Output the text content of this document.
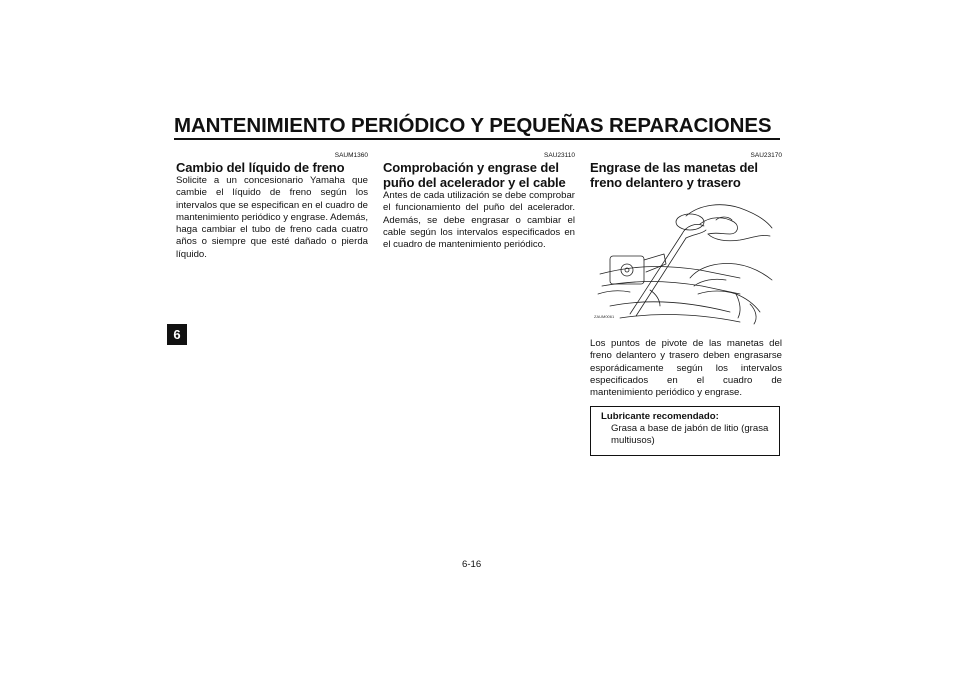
MANTENIMIENTO PERIÓDICO Y PEQUEÑAS REPARACIONES
6
SAUM1360
Cambio del líquido de freno

Solicite a un concesionario Yamaha que cambie el líquido de freno según los intervalos que se especifican en el cuadro de mantenimiento periódico y engrase. Además, haga cambiar el tubo de freno cada cuatro años o siempre que esté dañado o pierda líquido.

SAU23110
Comprobación y engrase del puño del acelerador y el cable

Antes de cada utilización se debe comprobar el funcionamiento del puño del acelerador. Además, se debe engrasar o cambiar el cable según los intervalos especificados en el cuadro de mantenimiento periódico.

SAU23170
Engrase de las manetas del freno delantero y trasero
ZAUM0061

Los puntos de pivote de las manetas del freno delantero y trasero deben engrasarse esporádicamente según los intervalos especificados en el cuadro de mantenimiento periódico y engrase.

Lubricante recomendado:
Grasa a base de jabón de litio (grasa multiusos)
6-16
